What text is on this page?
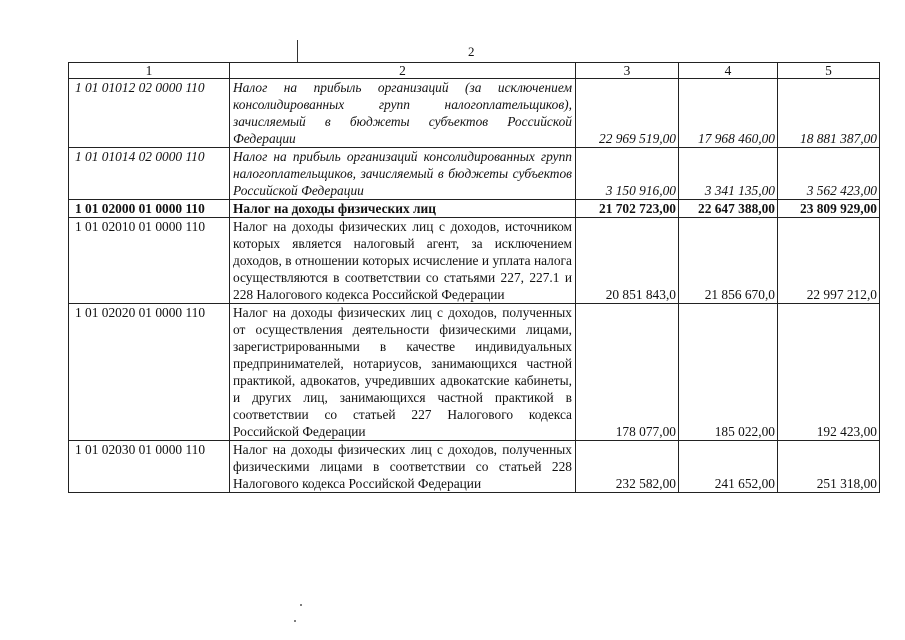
2
1	2	3	4	5
1 01 01012 02 0000 110	Налог на прибыль организаций (за исключением консолидированных групп налогоплательщиков), зачисляемый в бюджеты субъектов Российской Федерации	22 969 519,00	17 968 460,00	18 881 387,00
1 01 01014 02 0000 110	Налог на прибыль организаций консолидированных групп налогоплательщиков, зачисляемый в бюджеты субъектов Российской Федерации	3 150 916,00	3 341 135,00	3 562 423,00
1 01 02000 01 0000 110	Налог на доходы физических лиц	21 702 723,00	22 647 388,00	23 809 929,00
1 01 02010 01 0000 110	Налог на доходы физических лиц с доходов, источником которых является налоговый агент, за исключением доходов, в отношении которых исчисление и уплата налога осуществляются в соответствии со статьями 227, 227.1 и 228 Налогового кодекса Российской Федерации	20 851 843,0	21 856 670,0	22 997 212,0
1 01 02020 01 0000 110	Налог на доходы физических лиц с доходов, полученных от осуществления деятельности физическими лицами, зарегистрированными в качестве индивидуальных предпринимателей, нотариусов, занимающихся частной практикой, адвокатов, учредивших адвокатские кабинеты, и других лиц, занимающихся частной практикой в соответствии со статьей 227 Налогового кодекса Российской Федерации	178 077,00	185 022,00	192 423,00
1 01 02030 01 0000 110	Налог на доходы физических лиц с доходов, полученных физическими лицами в соответствии со статьей 228 Налогового кодекса Российской Федерации	232 582,00	241 652,00	251 318,00
